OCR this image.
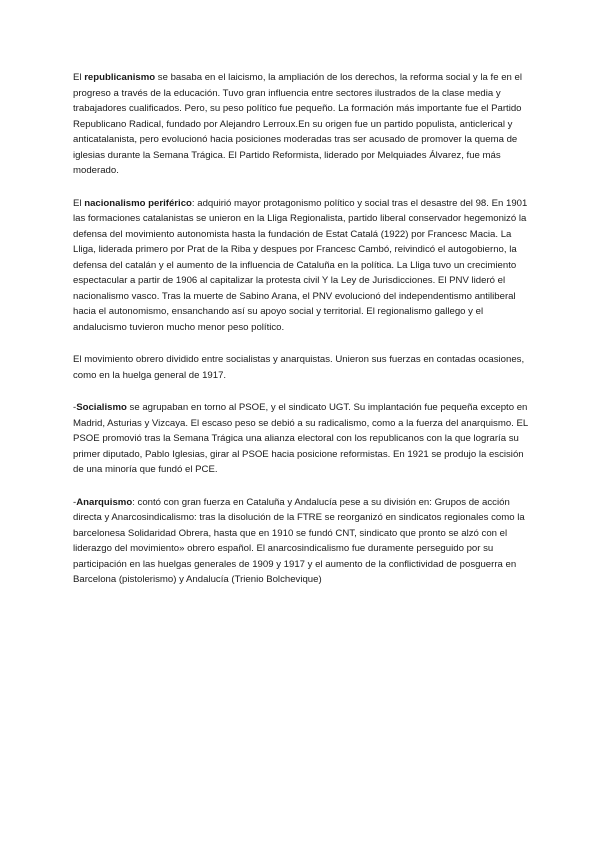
El republicanismo se basaba en el laicismo, la ampliación de los derechos, la reforma social y la fe en el progreso a través de la educación. Tuvo gran influencia entre sectores ilustrados de la clase media y trabajadores cualificados. Pero, su peso político fue pequeño. La formación más importante fue el Partido Republicano Radical, fundado por Alejandro Lerroux.En su origen fue un partido populista, anticlerical y anticatalanista, pero evolucionó hacia posiciones moderadas tras ser acusado de promover la quema de iglesias durante la Semana Trágica. El Partido Reformista, liderado por Melquiades Álvarez, fue más moderado.

El nacionalismo periférico: adquirió mayor protagonismo político y social tras el desastre del 98. En 1901 las formaciones catalanistas se unieron en la Lliga Regionalista, partido liberal conservador hegemonizó la defensa del movimiento autonomista hasta la fundación de Estat Catalá (1922) por Francesc Macia. La Lliga, liderada primero por Prat de la Riba y despues por Francesc Cambó, reivindicó el autogobierno, la defensa del catalán y el aumento de la influencia de Cataluña en la política. La Lliga tuvo un crecimiento espectacular a partir de 1906 al capitalizar la protesta civil Y la Ley de Jurisdicciones. El PNV lideró el nacionalismo vasco. Tras la muerte de Sabino Arana, el PNV evolucionó del independentismo antiliberal hacia el autonomismo, ensanchando así su apoyo social y territorial. El regionalismo gallego y el andalucismo tuvieron mucho menor peso político.

El movimiento obrero dividido entre socialistas y anarquistas. Unieron sus fuerzas en contadas ocasiones, como en la huelga general de 1917.

-Socialismo se agrupaban en torno al PSOE, y el sindicato UGT. Su implantación fue pequeña excepto en Madrid, Asturias y Vizcaya. El escaso peso se debió a su radicalismo, como a la fuerza del anarquismo. EL PSOE promovió tras la Semana Trágica una alianza electoral con los republicanos con la que lograría su primer diputado, Pablo Iglesias, girar al PSOE hacia posicione reformistas. En 1921 se produjo la escisión de una minoría que fundó el PCE.

-Anarquismo: contó con gran fuerza en Cataluña y Andalucía pese a su división en: Grupos de acción directa y Anarcosindicalismo: tras la disolución de la FTRE se reorganizó en sindicatos regionales como la barcelonesa Solidaridad Obrera, hasta que en 1910 se fundó CNT, sindicato que pronto se alzó con el liderazgo del movimiento» obrero español. El anarcosindicalismo fue duramente perseguido por su participación en las huelgas generales de 1909 y 1917 y el aumento de la conflictividad de posguerra en Barcelona (pistolerismo) y Andalucía (Trienio Bolchevique)
